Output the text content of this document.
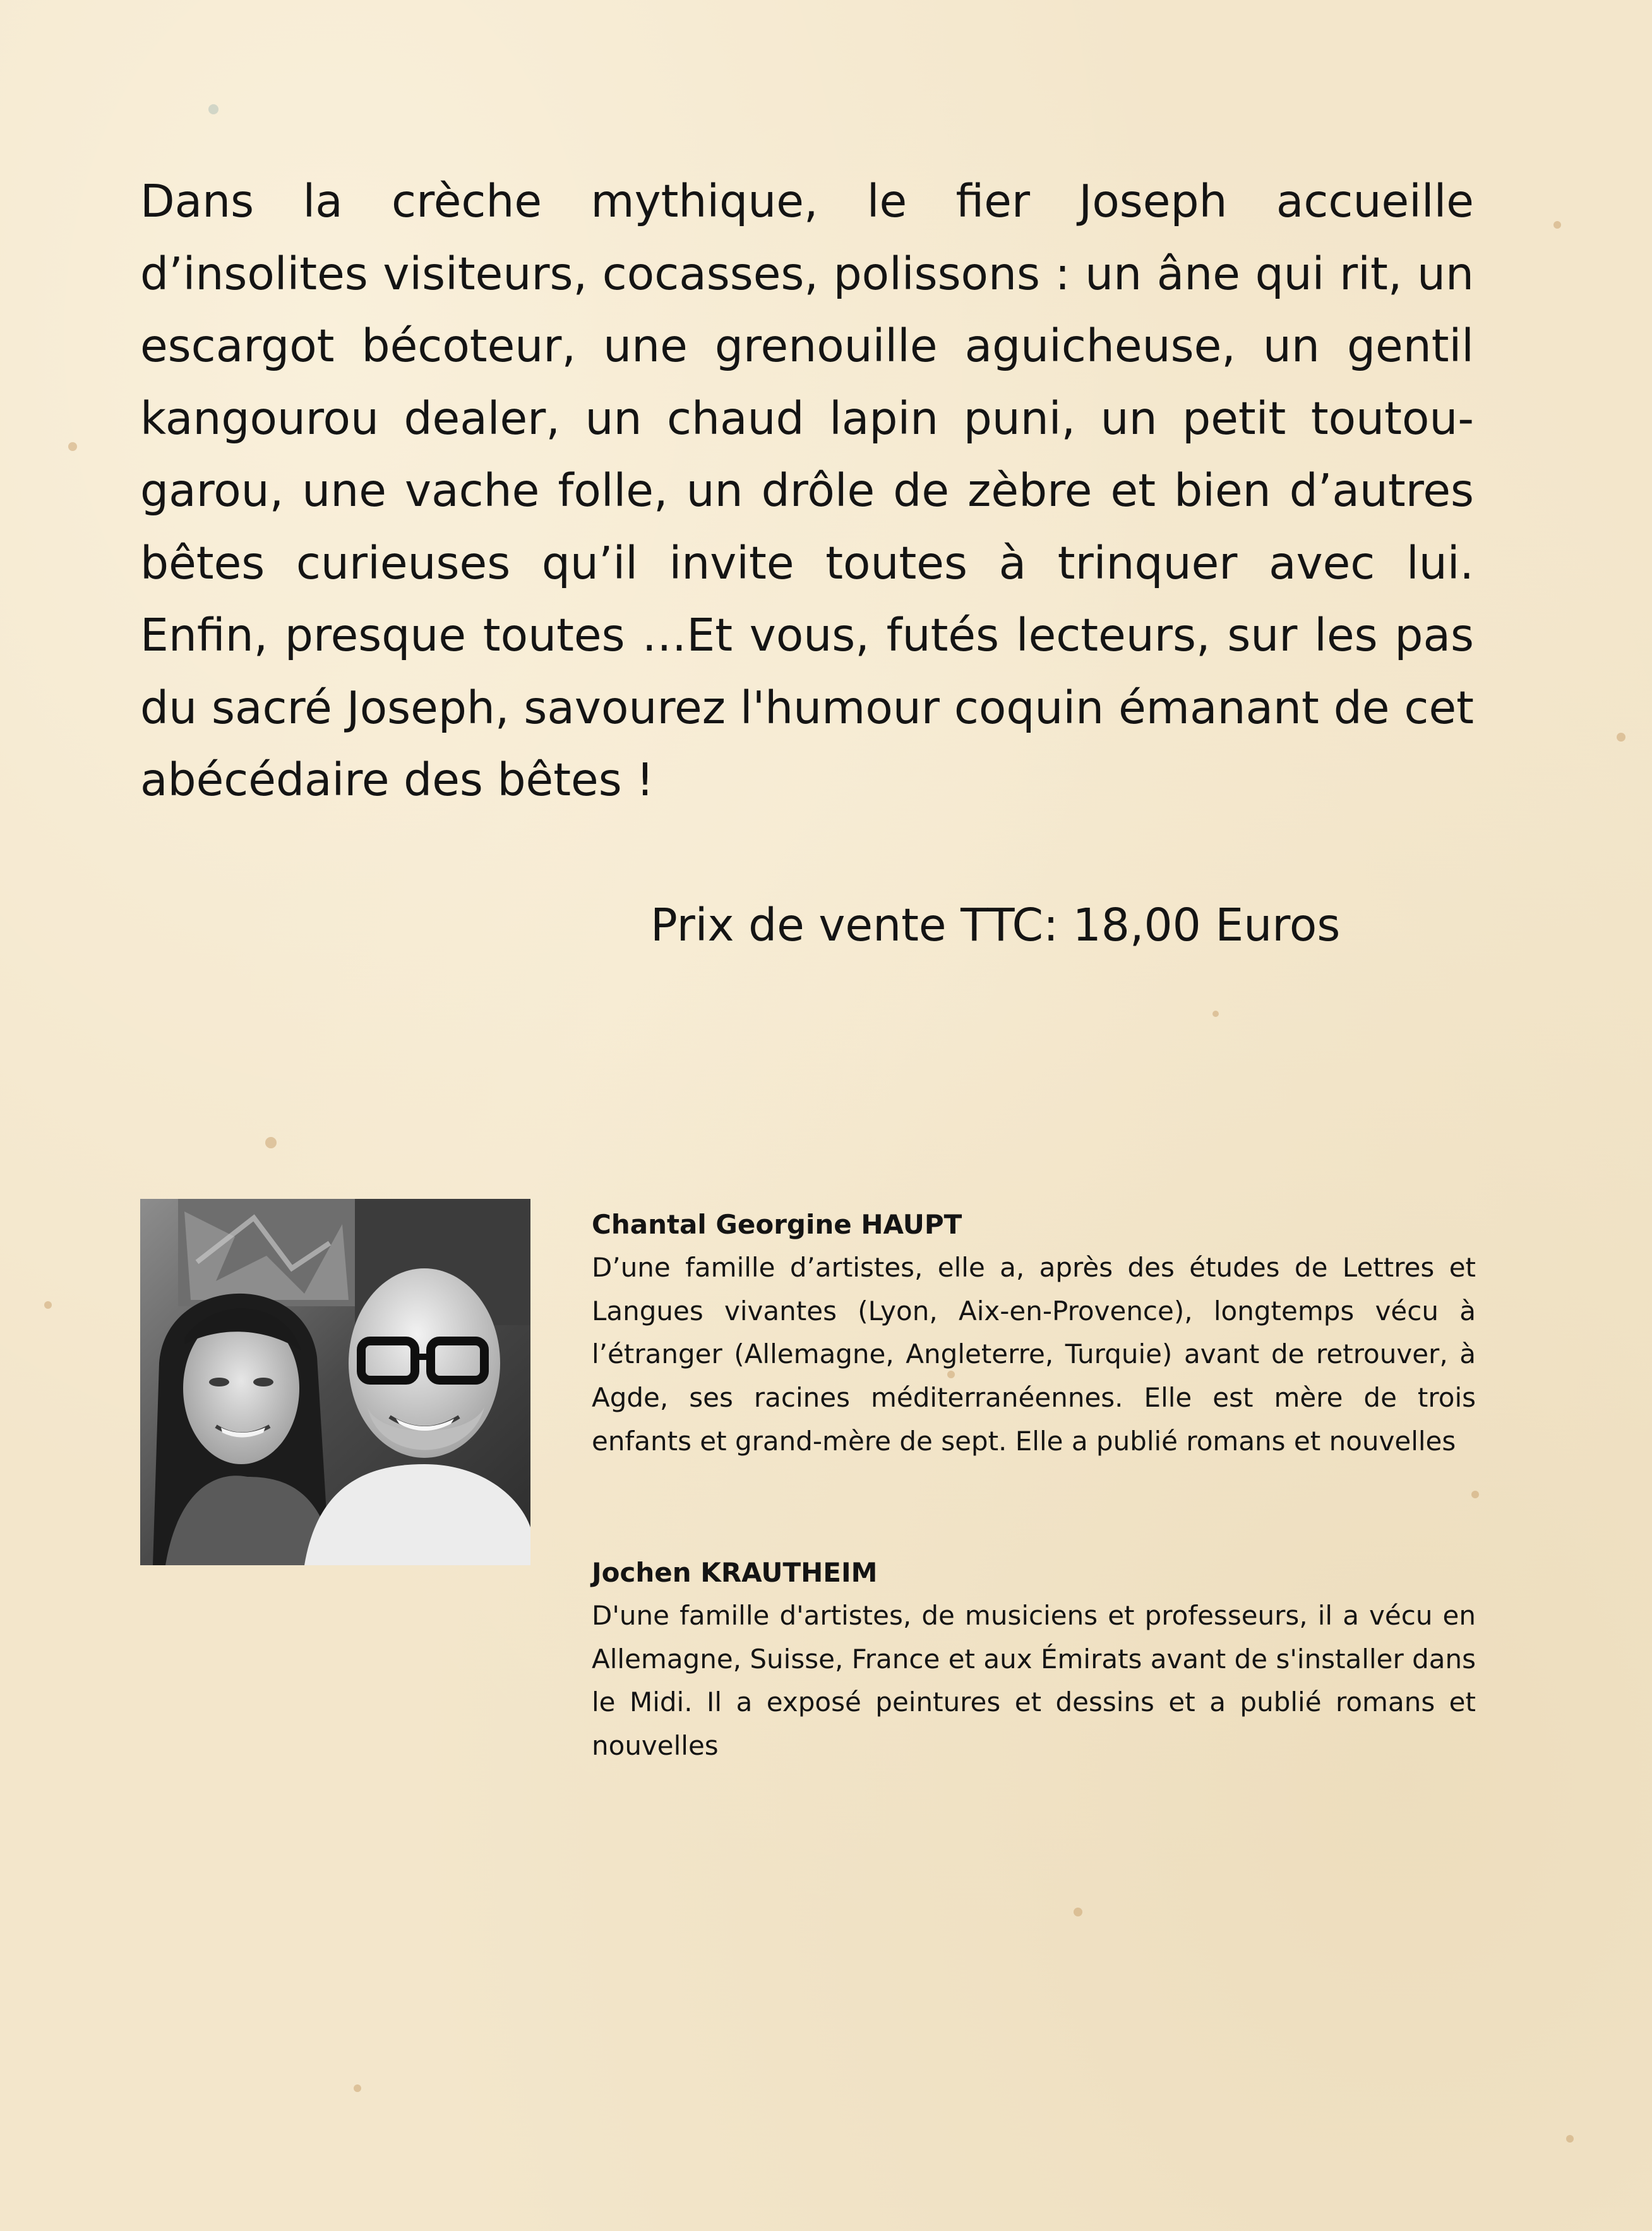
Dans la crèche mythique, le fier Joseph accueille d’insolites visiteurs, cocasses, polissons : un âne qui rit, un escargot bécoteur, une grenouille aguicheuse, un gentil kangourou dealer, un chaud lapin puni, un petit toutou-garou, une vache folle, un drôle de zèbre et bien d’autres bêtes curieuses qu’il invite toutes à trinquer avec lui. Enfin, presque toutes …Et vous, futés lecteurs, sur les pas du sacré Joseph, savourez l'humour coquin émanant de cet abécédaire des bêtes !

Prix de vente TTC: 18,00 Euros

Chantal Georgine HAUPT

D’une famille d’artistes, elle a, après des études de Lettres et Langues vivantes (Lyon, Aix-en-Provence), longtemps vécu à l’étranger (Allemagne, Angleterre, Turquie) avant de retrouver, à Agde, ses racines méditerranéennes. Elle est mère de trois enfants et grand-mère de sept. Elle a publié romans et nouvelles

Jochen KRAUTHEIM

D'une famille d'artistes, de musiciens et professeurs, il a vécu en Allemagne, Suisse, France et aux Émirats avant de s'installer dans le Midi. Il a exposé peintures et dessins et a publié romans et nouvelles
